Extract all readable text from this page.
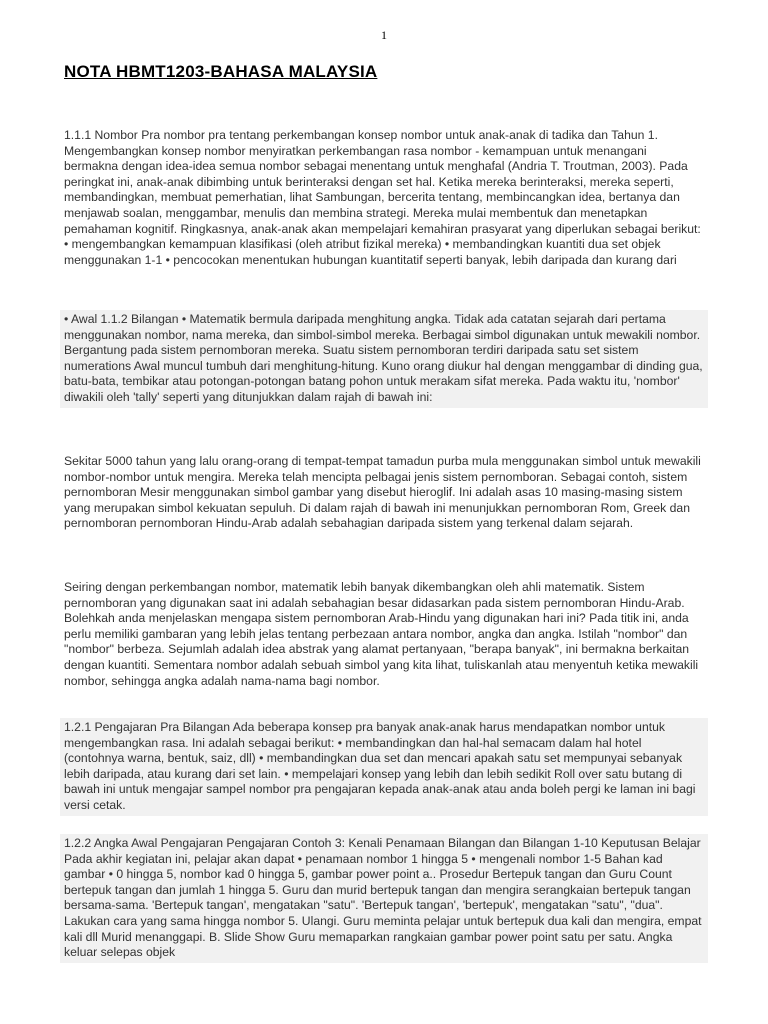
1
NOTA HBMT1203-BAHASA MALAYSIA

1.1.1 Nombor Pra nombor pra tentang perkembangan konsep nombor untuk anak-anak di tadika dan Tahun 1. Mengembangkan konsep nombor menyiratkan perkembangan rasa nombor - kemampuan untuk menangani bermakna dengan idea-idea semua nombor sebagai menentang untuk menghafal (Andria T. Troutman, 2003). Pada peringkat ini, anak-anak dibimbing untuk berinteraksi dengan set hal. Ketika mereka berinteraksi, mereka seperti, membandingkan, membuat pemerhatian, lihat Sambungan, bercerita tentang, membincangkan idea, bertanya dan menjawab soalan, menggambar, menulis dan membina strategi. Mereka mulai membentuk dan menetapkan pemahaman kognitif. Ringkasnya, anak-anak akan mempelajari kemahiran prasyarat yang diperlukan sebagai berikut: • mengembangkan kemampuan klasifikasi (oleh atribut fizikal mereka) • membandingkan kuantiti dua set objek menggunakan 1-1 • pencocokan menentukan hubungan kuantitatif seperti banyak, lebih daripada dan kurang dari

• Awal 1.1.2 Bilangan • Matematik bermula daripada menghitung angka. Tidak ada catatan sejarah dari pertama menggunakan nombor, nama mereka, dan simbol-simbol mereka. Berbagai simbol digunakan untuk mewakili nombor. Bergantung pada sistem pernomboran mereka. Suatu sistem pernomboran terdiri daripada satu set sistem numerations Awal muncul tumbuh dari menghitung-hitung. Kuno orang diukur hal dengan menggambar di dinding gua, batu-bata, tembikar atau potongan-potongan batang pohon untuk merakam sifat mereka. Pada waktu itu, 'nombor' diwakili oleh 'tally' seperti yang ditunjukkan dalam rajah di bawah ini:

Sekitar 5000 tahun yang lalu orang-orang di tempat-tempat tamadun purba mula menggunakan simbol untuk mewakili nombor-nombor untuk mengira. Mereka telah mencipta pelbagai jenis sistem pernomboran. Sebagai contoh, sistem pernomboran Mesir menggunakan simbol gambar yang disebut hieroglif. Ini adalah asas 10 masing-masing sistem yang merupakan simbol kekuatan sepuluh. Di dalam rajah di bawah ini menunjukkan pernomboran Rom, Greek dan pernomboran pernomboran Hindu-Arab adalah sebahagian daripada sistem yang terkenal dalam sejarah.

Seiring dengan perkembangan nombor, matematik lebih banyak dikembangkan oleh ahli matematik. Sistem pernomboran yang digunakan saat ini adalah sebahagian besar didasarkan pada sistem pernomboran Hindu-Arab. Bolehkah anda menjelaskan mengapa sistem pernomboran Arab-Hindu yang digunakan hari ini? Pada titik ini, anda perlu memiliki gambaran yang lebih jelas tentang perbezaan antara nombor, angka dan angka. Istilah "nombor" dan "nombor" berbeza. Sejumlah adalah idea abstrak yang alamat pertanyaan, "berapa banyak", ini bermakna berkaitan dengan kuantiti. Sementara nombor adalah sebuah simbol yang kita lihat, tuliskanlah atau menyentuh ketika mewakili nombor, sehingga angka adalah nama-nama bagi nombor.

1.2.1 Pengajaran Pra Bilangan Ada beberapa konsep pra banyak anak-anak harus mendapatkan nombor untuk mengembangkan rasa. Ini adalah sebagai berikut: • membandingkan dan hal-hal semacam dalam hal hotel (contohnya warna, bentuk, saiz, dll) • membandingkan dua set dan mencari apakah satu set mempunyai sebanyak lebih daripada, atau kurang dari set lain. • mempelajari konsep yang lebih dan lebih sedikit Roll over satu butang di bawah ini untuk mengajar sampel nombor pra pengajaran kepada anak-anak atau anda boleh pergi ke laman ini bagi versi cetak.

1.2.2 Angka Awal Pengajaran Pengajaran Contoh 3: Kenali Penamaan Bilangan dan Bilangan 1-10 Keputusan Belajar Pada akhir kegiatan ini, pelajar akan dapat • penamaan nombor 1 hingga 5 • mengenali nombor 1-5 Bahan kad gambar • 0 hingga 5, nombor kad 0 hingga 5, gambar power point a.. Prosedur Bertepuk tangan dan Guru Count bertepuk tangan dan jumlah 1 hingga 5. Guru dan murid bertepuk tangan dan mengira serangkaian bertepuk tangan bersama-sama. 'Bertepuk tangan', mengatakan "satu". 'Bertepuk tangan', 'bertepuk', mengatakan "satu", "dua". Lakukan cara yang sama hingga nombor 5. Ulangi. Guru meminta pelajar untuk bertepuk dua kali dan mengira, empat kali dll Murid menanggapi. B. Slide Show Guru memaparkan rangkaian gambar power point satu per satu. Angka keluar selepas objek
